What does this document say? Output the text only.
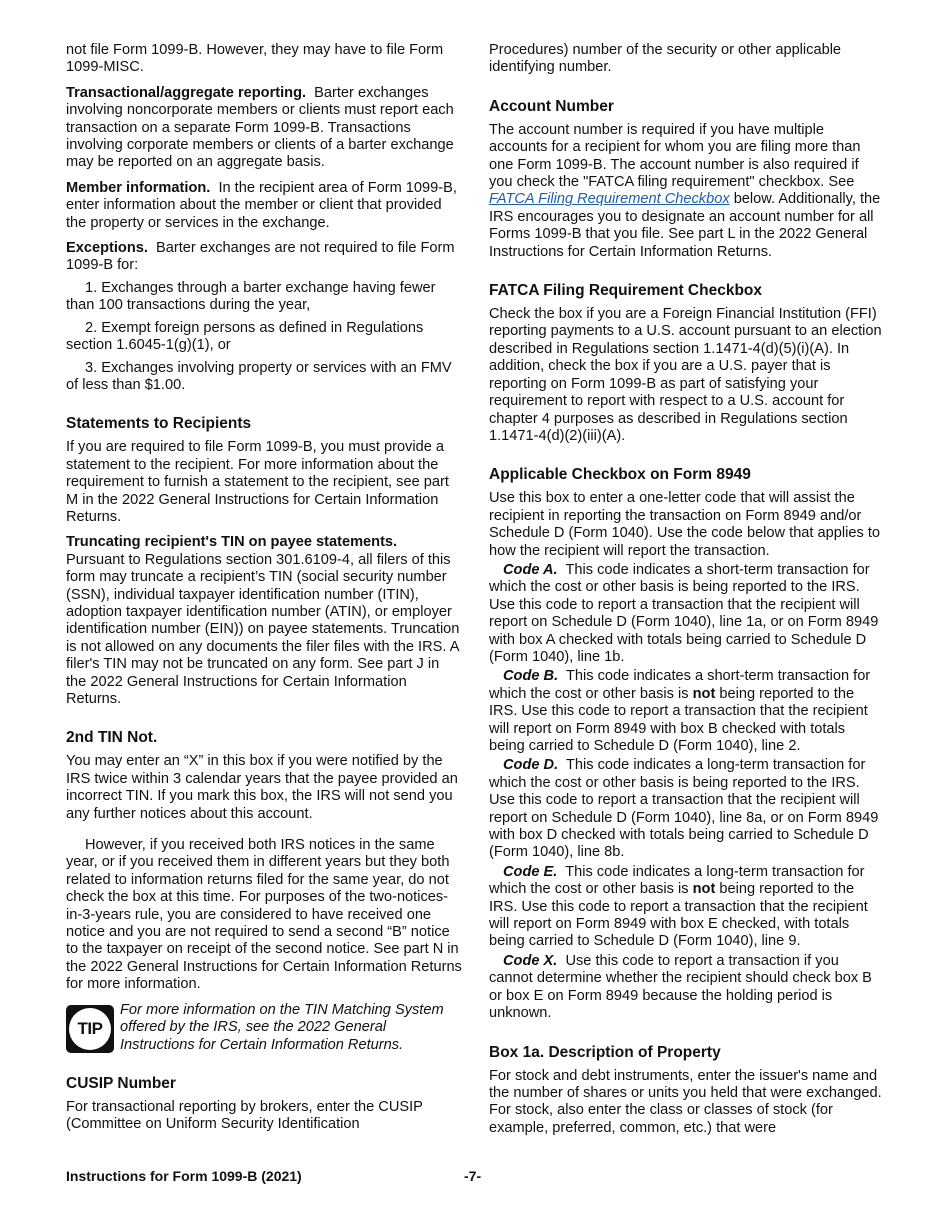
not file Form 1099-B. However, they may have to file Form 1099-MISC.

Transactional/aggregate reporting. Barter exchanges involving noncorporate members or clients must report each transaction on a separate Form 1099-B. Transactions involving corporate members or clients of a barter exchange may be reported on an aggregate basis.

Member information. In the recipient area of Form 1099-B, enter information about the member or client that provided the property or services in the exchange.

Exceptions. Barter exchanges are not required to file Form 1099-B for:

1. Exchanges through a barter exchange having fewer than 100 transactions during the year,

2. Exempt foreign persons as defined in Regulations section 1.6045-1(g)(1), or

3. Exchanges involving property or services with an FMV of less than $1.00.

Statements to Recipients

If you are required to file Form 1099-B, you must provide a statement to the recipient. For more information about the requirement to furnish a statement to the recipient, see part M in the 2022 General Instructions for Certain Information Returns.

Truncating recipient's TIN on payee statements.
Pursuant to Regulations section 301.6109-4, all filers of this form may truncate a recipient’s TIN (social security number (SSN), individual taxpayer identification number (ITIN), adoption taxpayer identification number (ATIN), or employer identification number (EIN)) on payee statements. Truncation is not allowed on any documents the filer files with the IRS. A filer's TIN may not be truncated on any form. See part J in the 2022 General Instructions for Certain Information Returns.

2nd TIN Not.

You may enter an “X” in this box if you were notified by the IRS twice within 3 calendar years that the payee provided an incorrect TIN. If you mark this box, the IRS will not send you any further notices about this account.

However, if you received both IRS notices in the same year, or if you received them in different years but they both related to information returns filed for the same year, do not check the box at this time. For purposes of the two-notices-in-3-years rule, you are considered to have received one notice and you are not required to send a second “B” notice to the taxpayer on receipt of the second notice. See part N in the 2022 General Instructions for Certain Information Returns for more information.

TIP
For more information on the TIN Matching System offered by the IRS, see the 2022 General Instructions for Certain Information Returns.
CUSIP Number

For transactional reporting by brokers, enter the CUSIP (Committee on Uniform Security Identification

Procedures) number of the security or other applicable identifying number.

Account Number

The account number is required if you have multiple accounts for a recipient for whom you are filing more than one Form 1099-B. The account number is also required if you check the "FATCA filing requirement" checkbox. See FATCA Filing Requirement Checkbox below. Additionally, the IRS encourages you to designate an account number for all Forms 1099-B that you file. See part L in the 2022 General Instructions for Certain Information Returns.

FATCA Filing Requirement Checkbox

Check the box if you are a Foreign Financial Institution (FFI) reporting payments to a U.S. account pursuant to an election described in Regulations section 1.1471-4(d)(5)(i)(A). In addition, check the box if you are a U.S. payer that is reporting on Form 1099-B as part of satisfying your requirement to report with respect to a U.S. account for chapter 4 purposes as described in Regulations section 1.1471-4(d)(2)(iii)(A).

Applicable Checkbox on Form 8949

Use this box to enter a one-letter code that will assist the recipient in reporting the transaction on Form 8949 and/or Schedule D (Form 1040). Use the code below that applies to how the recipient will report the transaction.

Code A. This code indicates a short-term transaction for which the cost or other basis is being reported to the IRS. Use this code to report a transaction that the recipient will report on Schedule D (Form 1040), line 1a, or on Form 8949 with box A checked with totals being carried to Schedule D (Form 1040), line 1b.

Code B. This code indicates a short-term transaction for which the cost or other basis is not being reported to the IRS. Use this code to report a transaction that the recipient will report on Form 8949 with box B checked with totals being carried to Schedule D (Form 1040), line 2.

Code D. This code indicates a long-term transaction for which the cost or other basis is being reported to the IRS. Use this code to report a transaction that the recipient will report on Schedule D (Form 1040), line 8a, or on Form 8949 with box D checked with totals being carried to Schedule D (Form 1040), line 8b.

Code E. This code indicates a long-term transaction for which the cost or other basis is not being reported to the IRS. Use this code to report a transaction that the recipient will report on Form 8949 with box E checked, with totals being carried to Schedule D (Form 1040), line 9.

Code X. Use this code to report a transaction if you cannot determine whether the recipient should check box B or box E on Form 8949 because the holding period is unknown.

Box 1a. Description of Property

For stock and debt instruments, enter the issuer's name and the number of shares or units you held that were exchanged. For stock, also enter the class or classes of stock (for example, preferred, common, etc.) that were

Instructions for Form 1099-B (2021)	-7-
